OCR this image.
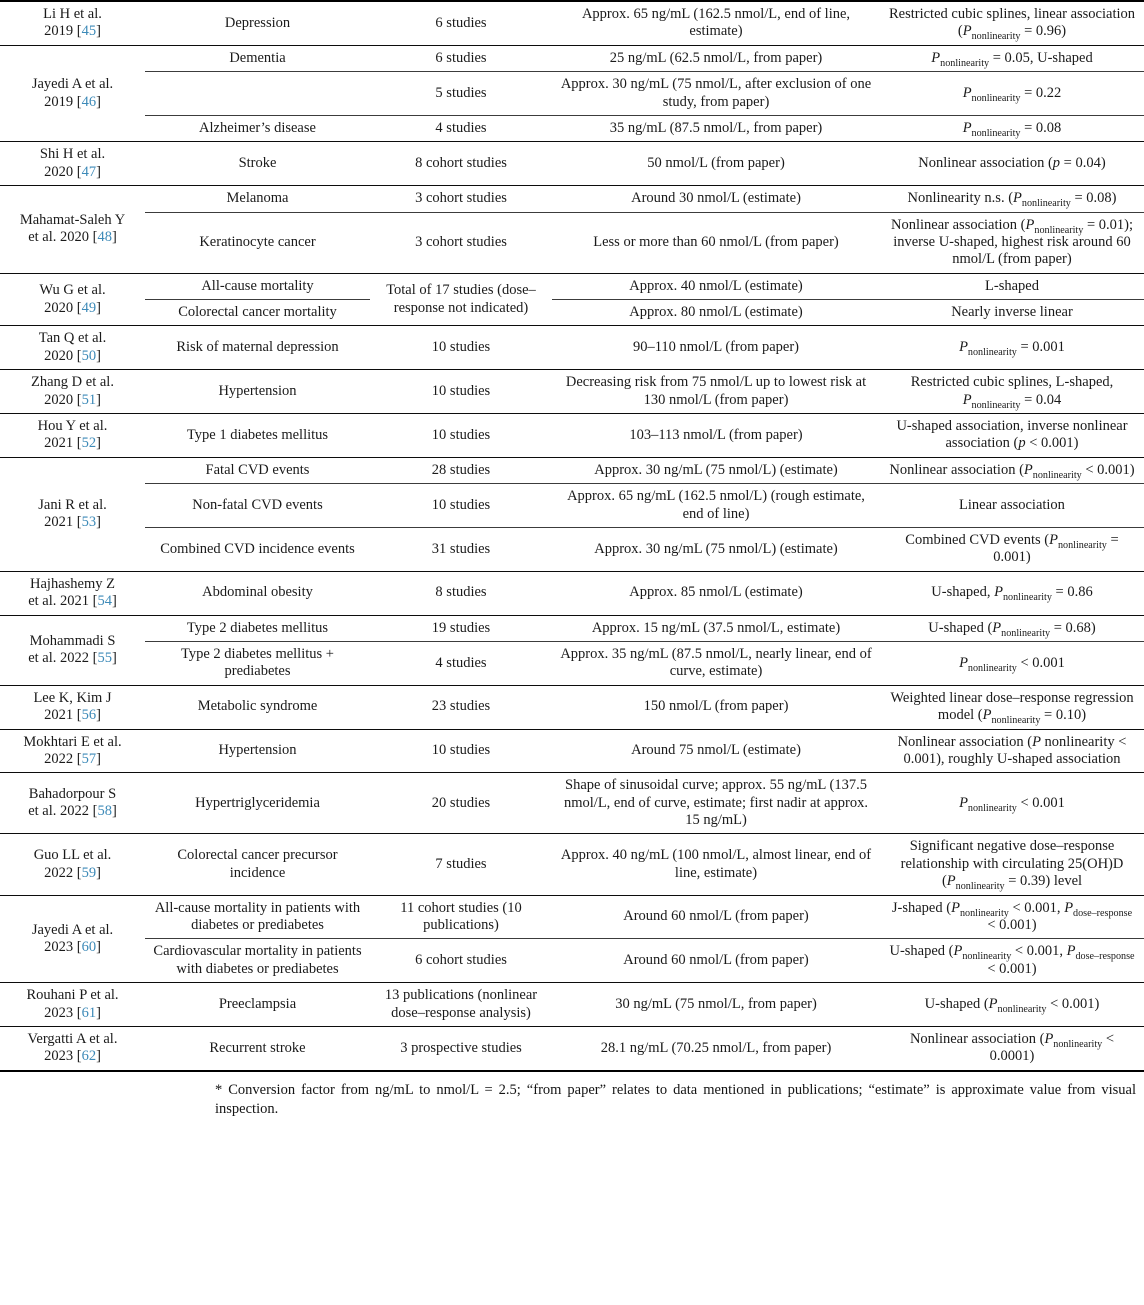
Li H et al.
2019 [45]	Depression	6 studies	Approx. 65 ng/mL (162.5 nmol/L, end of line, estimate)	Restricted cubic splines, linear association $(P_{nonlinearity} = 0.96)$
Jayedi A et al.
2019 [46]	Dementia	6 studies	25 ng/mL (62.5 nmol/L, from paper)	$P_{nonlinearity} = 0.05$, U-shaped
		5 studies	Approx. 30 ng/mL (75 nmol/L, after exclusion of one study, from paper)	$P_{nonlinearity} = 0.22$
	Alzheimer’s disease	4 studies	35 ng/mL (87.5 nmol/L, from paper)	$P_{nonlinearity} = 0.08$
Shi H et al.
2020 [47]	Stroke	8 cohort studies	50 nmol/L (from paper)	Nonlinear association (p = 0.04)
Mahamat-Saleh Y
et al. 2020 [48]	Melanoma	3 cohort studies	Around 30 nmol/L (estimate)	Nonlinearity n.s. $(P_{nonlinearity} = 0.08)$
	Keratinocyte cancer	3 cohort studies	Less or more than 60 nmol/L (from paper)	Nonlinear association $(P_{nonlinearity} = 0.01)$; inverse U-shaped, highest risk around 60 nmol/L (from paper)
Wu G et al.
2020 [49]	All-cause mortality	Total of 17 studies (dose–response not indicated)	Approx. 40 nmol/L (estimate)	L-shaped
	Colorectal cancer mortality		Approx. 80 nmol/L (estimate)	Nearly inverse linear
Tan Q et al.
2020 [50]	Risk of maternal depression	10 studies	90–110 nmol/L (from paper)	$P_{nonlinearity} = 0.001$
Zhang D et al.
2020 [51]	Hypertension	10 studies	Decreasing risk from 75 nmol/L up to lowest risk at 130 nmol/L (from paper)	Restricted cubic splines, L-shaped, $P_{nonlinearity} = 0.04$
Hou Y et al.
2021 [52]	Type 1 diabetes mellitus	10 studies	103–113 nmol/L (from paper)	U-shaped association, inverse nonlinear association (p < 0.001)
Jani R et al.
2021 [53]	Fatal CVD events	28 studies	Approx. 30 ng/mL (75 nmol/L) (estimate)	Nonlinear association $(P_{nonlinearity} < 0.001)$
	Non-fatal CVD events	10 studies	Approx. 65 ng/mL (162.5 nmol/L) (rough estimate, end of line)	Linear association
	Combined CVD incidence events	31 studies	Approx. 30 ng/mL (75 nmol/L) (estimate)	Combined CVD events $(P_{nonlinearity} = 0.001)$
Hajhashemy Z
et al. 2021 [54]	Abdominal obesity	8 studies	Approx. 85 nmol/L (estimate)	U-shaped, $P_{nonlinearity} = 0.86$
Mohammadi S
et al. 2022 [55]	Type 2 diabetes mellitus	19 studies	Approx. 15 ng/mL (37.5 nmol/L, estimate)	U-shaped $(P_{nonlinearity} = 0.68)$
	Type 2 diabetes mellitus + prediabetes	4 studies	Approx. 35 ng/mL (87.5 nmol/L, nearly linear, end of curve, estimate)	$P_{nonlinearity} < 0.001$
Lee K, Kim J
2021 [56]	Metabolic syndrome	23 studies	150 nmol/L (from paper)	Weighted linear dose–response regression model $(P_{nonlinearity} = 0.10)$
Mokhtari E et al.
2022 [57]	Hypertension	10 studies	Around 75 nmol/L (estimate)	Nonlinear association (P nonlinearity < 0.001), roughly U-shaped association
Bahadorpour S
et al. 2022 [58]	Hypertriglyceridemia	20 studies	Shape of sinusoidal curve; approx. 55 ng/mL (137.5 nmol/L, end of curve, estimate; first nadir at approx. 15 ng/mL)	$P_{nonlinearity} < 0.001$
Guo LL et al.
2022 [59]	Colorectal cancer precursor incidence	7 studies	Approx. 40 ng/mL (100 nmol/L, almost linear, end of line, estimate)	Significant negative dose–response relationship with circulating 25(OH)D $(P_{nonlinearity} = 0.39)$ level
Jayedi A et al.
2023 [60]	All-cause mortality in patients with diabetes or prediabetes	11 cohort studies (10 publications)	Around 60 nmol/L (from paper)	J-shaped ($P_{nonlinearity} < 0.001$, $P_{dose-response} < 0.001$)
	Cardiovascular mortality in patients with diabetes or prediabetes	6 cohort studies	Around 60 nmol/L (from paper)	U-shaped ($P_{nonlinearity} < 0.001$, $P_{dose-response} < 0.001$)
Rouhani P et al.
2023 [61]	Preeclampsia	13 publications (nonlinear dose–response analysis)	30 ng/mL (75 nmol/L, from paper)	U-shaped $(P_{nonlinearity} < 0.001)$
Vergatti A et al.
2023 [62]	Recurrent stroke	3 prospective studies	28.1 ng/mL (70.25 nmol/L, from paper)	Nonlinear association $(P_{nonlinearity} < 0.0001)$

* Conversion factor from ng/mL to nmol/L = 2.5; “from paper” relates to data mentioned in publications; “estimate” is approximate value from visual inspection.
